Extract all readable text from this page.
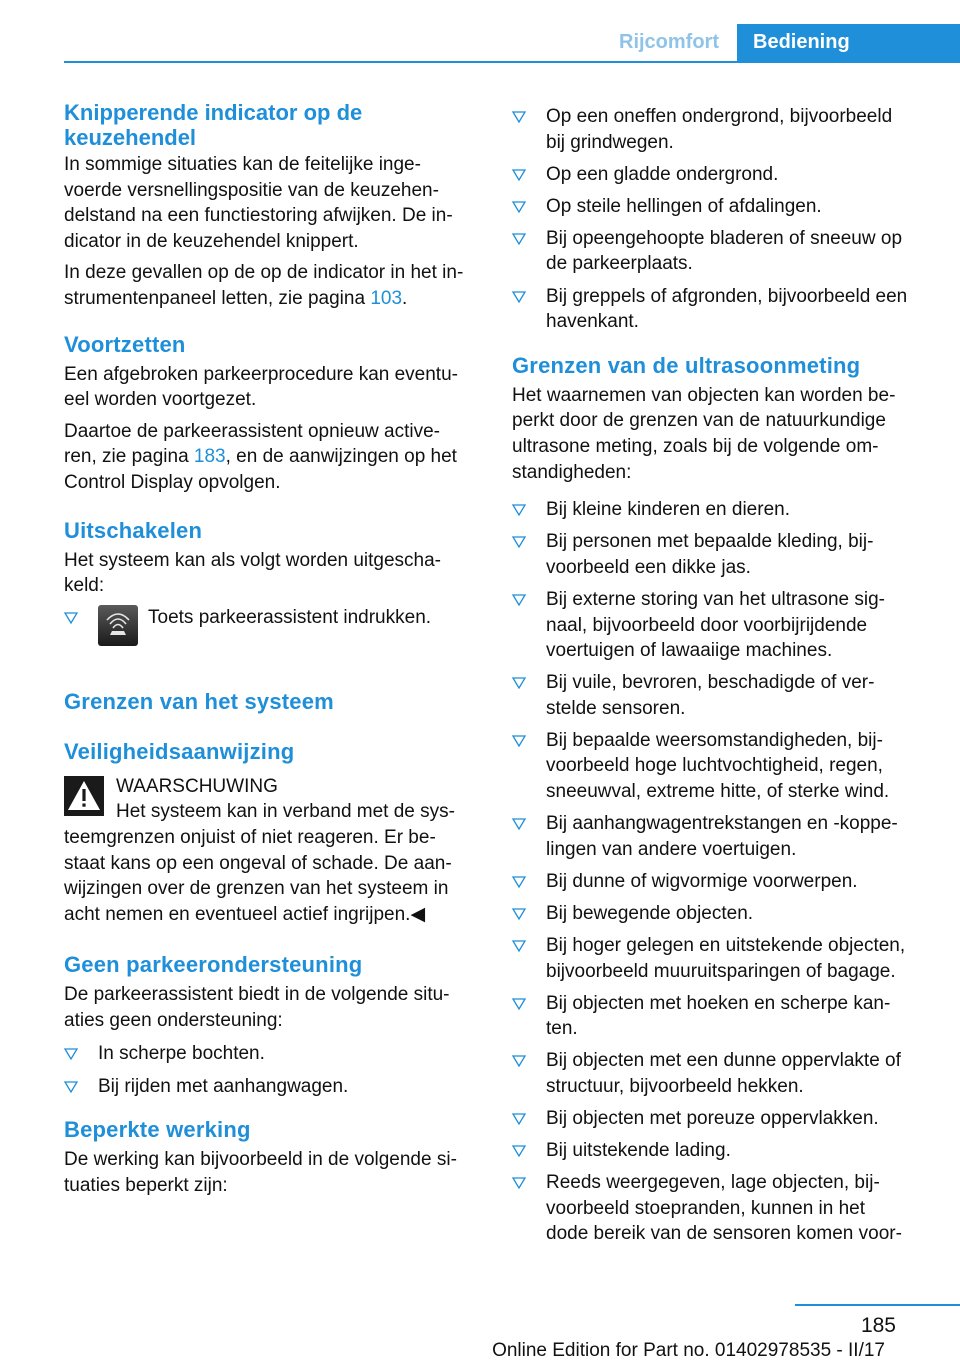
Rijcomfort	Bediening
Knipperende indicator op de
keuzehendel

In sommige situaties kan de feitelijke inge‐
voerde versnellingspositie van de keuzehen‐
delstand na een functiestoring afwijken. De in‐
dicator in de keuzehendel knippert.

In deze gevallen op de op de indicator in het in‐
strumentenpaneel letten, zie pagina 103.

Voortzetten

Een afgebroken parkeerprocedure kan eventu‐
eel worden voortgezet.

Daartoe de parkeerassistent opnieuw active‐
ren, zie pagina 183, en de aanwijzingen op het
Control Display opvolgen.

Uitschakelen

Het systeem kan als volgt worden uitgescha‐
keld:

Toets parkeerassistent indrukken.
Grenzen van het systeem
Veiligheidsaanwijzing
WAARSCHUWING

Het systeem kan in verband met de sys‐
teemgrenzen onjuist of niet reageren. Er be‐
staat kans op een ongeval of schade. De aan‐
wijzingen over de grenzen van het systeem in
acht nemen en eventueel actief ingrijpen.◀

Geen parkeerondersteuning

De parkeerassistent biedt in de volgende situ‐
aties geen ondersteuning:

In scherpe bochten.
Bij rijden met aanhangwagen.
Beperkte werking

De werking kan bijvoorbeeld in de volgende si‐
tuaties beperkt zijn:

Op een oneffen ondergrond, bijvoorbeeld
bij grindwegen.
Op een gladde ondergrond.
Op steile hellingen of afdalingen.
Bij opeengehoopte bladeren of sneeuw op
de parkeerplaats.
Bij greppels of afgronden, bijvoorbeeld een
havenkant.
Grenzen van de ultrasoonmeting

Het waarnemen van objecten kan worden be‐
perkt door de grenzen van de natuurkundige
ultrasone meting, zoals bij de volgende om‐
standigheden:

Bij kleine kinderen en dieren.
Bij personen met bepaalde kleding, bij‐
voorbeeld een dikke jas.
Bij externe storing van het ultrasone sig‐
naal, bijvoorbeeld door voorbijrijdende
voertuigen of lawaaiige machines.
Bij vuile, bevroren, beschadigde of ver‐
stelde sensoren.
Bij bepaalde weersomstandigheden, bij‐
voorbeeld hoge luchtvochtigheid, regen,
sneeuwval, extreme hitte, of sterke wind.
Bij aanhangwagentrekstangen en -koppe‐
lingen van andere voertuigen.
Bij dunne of wigvormige voorwerpen.
Bij bewegende objecten.
Bij hoger gelegen en uitstekende objecten,
bijvoorbeeld muuruitsparingen of bagage.
Bij objecten met hoeken en scherpe kan‐
ten.
Bij objecten met een dunne oppervlakte of
structuur, bijvoorbeeld hekken.
Bij objecten met poreuze oppervlakken.
Bij uitstekende lading.
Reeds weergegeven, lage objecten, bij‐
voorbeeld stoepranden, kunnen in het
dode bereik van de sensoren komen voor‐
185
Online Edition for Part no. 01402978535 - II/17
